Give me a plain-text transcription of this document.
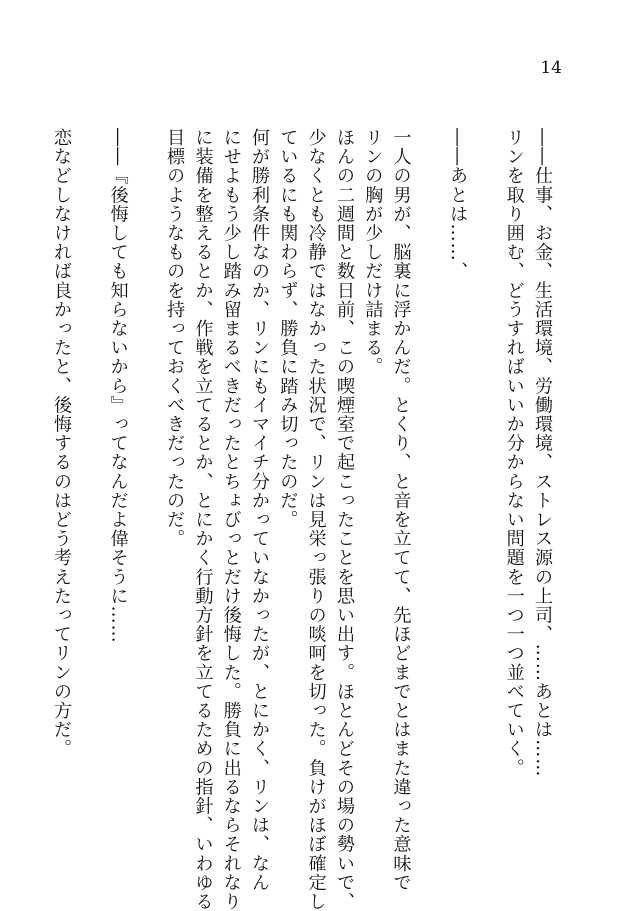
14
――仕事、お金、生活環境、労働環境、ストレス源の上司、……あとは……
リンを取り囲む、どうすればいいか分からない問題を一つ一つ並べていく。

――あとは……、

一人の男が、脳裏に浮かんだ。とくり、と音を立てて、先ほどまでとはまた違った意味で
リンの胸が少しだけ詰まる。
ほんの二週間と数日前、この喫煙室で起こったことを思い出す。ほとんどその場の勢いで、
少なくとも冷静ではなかった状況で、リンは見栄っ張りの啖呵を切った。負けがほぼ確定し
ているにも関わらず、勝負に踏み切ったのだ。
何が勝利条件なのか、リンにもイマイチ分かっていなかったが、とにかく、リンは、なん
にせよもう少し踏み留まるべきだったとちょびっとだけ後悔した。勝負に出るならそれなり
に装備を整えるとか、作戦を立てるとか、とにかく行動方針を立てるための指針、いわゆる
目標のようなものを持っておくべきだったのだ。

――『後悔しても知らないから』ってなんだよ偉そうに……

恋などしなければ良かったと、後悔するのはどう考えたってリンの方だ。
